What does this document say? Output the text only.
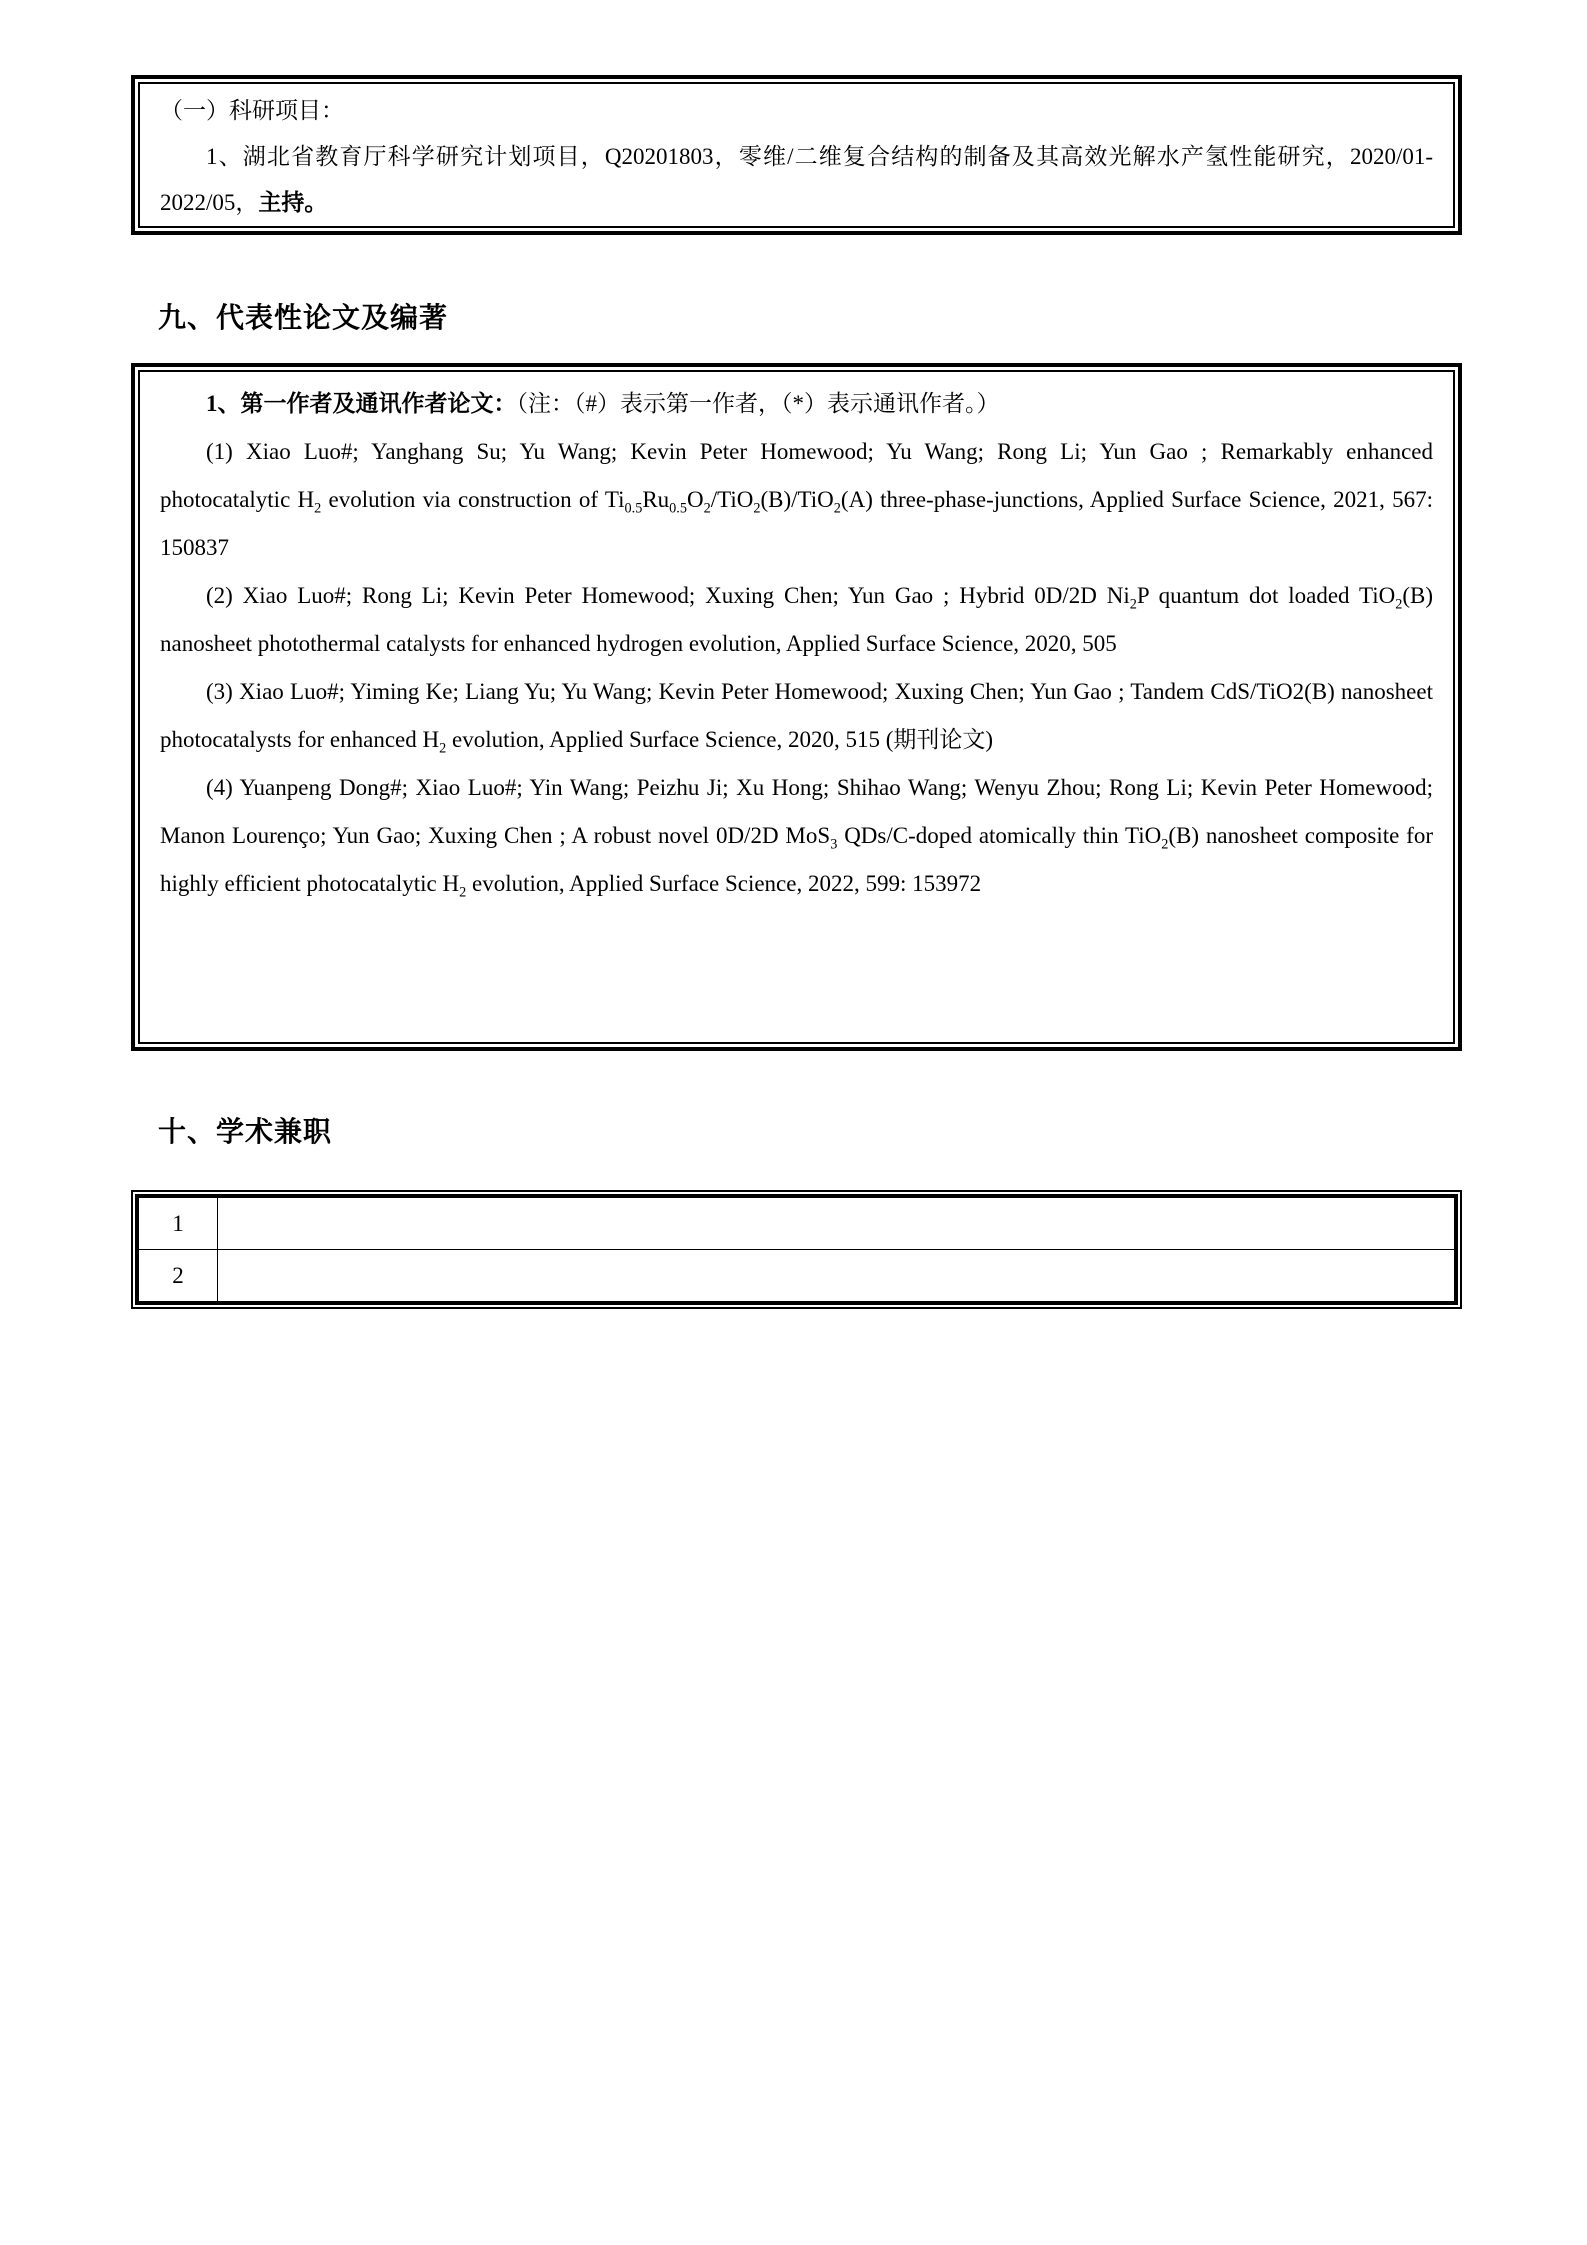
（一）科研项目：

1、湖北省教育厅科学研究计划项目，Q20201803，零维/二维复合结构的制备及其高效光解水产氢性能研究，2020/01-2022/05，主持。

九、代表性论文及编著

1、第一作者及通讯作者论文：（注：（#）表示第一作者，（*）表示通讯作者。）

(1) Xiao Luo#; Yanghang Su; Yu Wang; Kevin Peter Homewood; Yu Wang; Rong Li; Yun Gao ; Remarkably enhanced photocatalytic $H_2$ evolution via construction of $Ti_{0.5}Ru_{0.5}O_2/TiO_2(B)/TiO_2(A)$ three-phase-junctions, Applied Surface Science, 2021, 567: 150837

(2) Xiao Luo#; Rong Li; Kevin Peter Homewood; Xuxing Chen; Yun Gao ; Hybrid 0D/2D $Ni_2P$ quantum dot loaded TiO$_2$(B) nanosheet photothermal catalysts for enhanced hydrogen evolution, Applied Surface Science, 2020, 505

(3) Xiao Luo#; Yiming Ke; Liang Yu; Yu Wang; Kevin Peter Homewood; Xuxing Chen; Yun Gao ; Tandem CdS/TiO2(B) nanosheet photocatalysts for enhanced $H_2$ evolution, Applied Surface Science, 2020, 515 (期刊论文)

(4) Yuanpeng Dong#; Xiao Luo#; Yin Wang; Peizhu Ji; Xu Hong; Shihao Wang; Wenyu Zhou; Rong Li; Kevin Peter Homewood; Manon Lourenço; Yun Gao; Xuxing Chen ; A robust novel 0D/2D MoS$_3$ QDs/C-doped atomically thin TiO$_2$(B) nanosheet composite for highly efficient photocatalytic $H_2$ evolution, Applied Surface Science, 2022, 599: 153972

十、学术兼职
1	
2	
